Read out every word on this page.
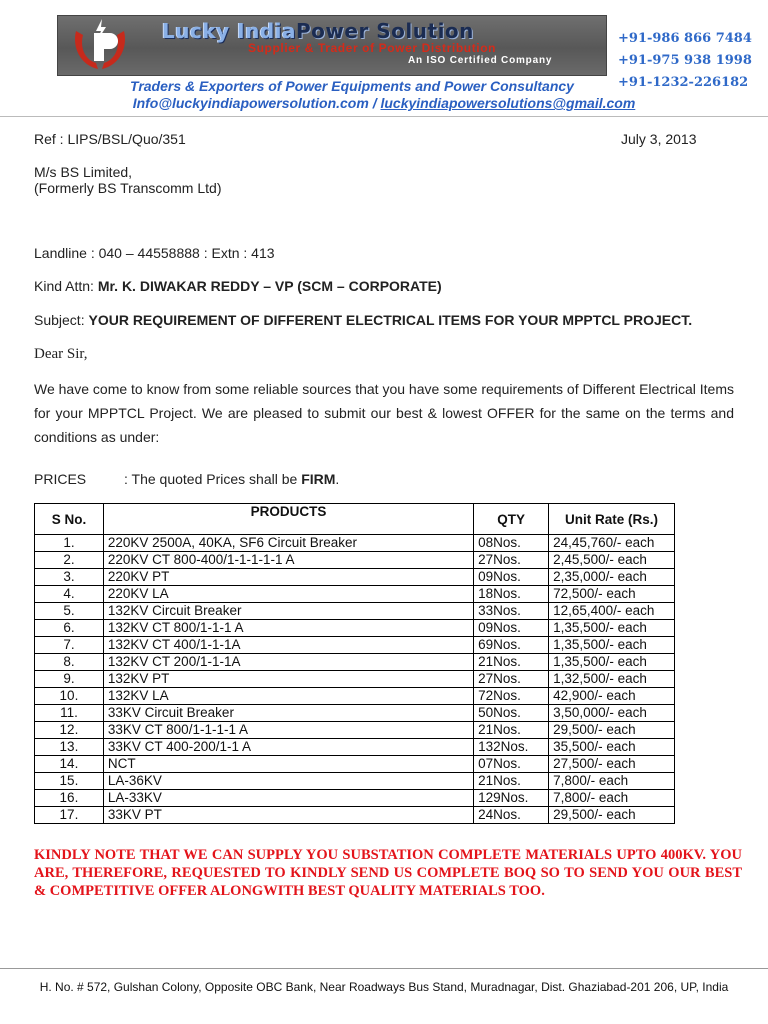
Lucky IndiaPower Solution
Supplier & Trader of Power Distribution
An ISO Certified Company
+91-986 866 7484
+91-975 938 1998
+91-1232-226182
Traders & Exporters of Power Equipments and Power Consultancy
Info@luckyindiapowersolution.com / luckyindiapowersolutions@gmail.com
Ref : LIPS/BSL/Quo/351	July 3, 2013
M/s BS Limited,
(Formerly BS Transcomm Ltd)
Landline : 040 – 44558888 : Extn : 413
Kind Attn: Mr. K. DIWAKAR REDDY – VP (SCM – CORPORATE)
Subject: YOUR REQUIREMENT OF DIFFERENT ELECTRICAL ITEMS FOR YOUR MPPTCL PROJECT.
Dear Sir,
We have come to know from some reliable sources that you have some requirements of Different Electrical Items for your MPPTCL Project. We are pleased to submit our best & lowest OFFER for the same on the terms and conditions as under:
PRICES	: The quoted Prices shall be FIRM.
S No.	PRODUCTS	QTY	Unit Rate (Rs.)
1.	220KV 2500A, 40KA, SF6 Circuit Breaker	08Nos.	24,45,760/- each
2.	220KV CT 800-400/1-1-1-1-1 A	27Nos.	2,45,500/- each
3.	220KV PT	09Nos.	2,35,000/- each
4.	220KV LA	18Nos.	72,500/- each
5.	132KV Circuit Breaker	33Nos.	12,65,400/- each
6.	132KV CT 800/1-1-1 A	09Nos.	1,35,500/- each
7.	132KV CT 400/1-1-1A	69Nos.	1,35,500/- each
8.	132KV CT 200/1-1-1A	21Nos.	1,35,500/- each
9.	132KV PT	27Nos.	1,32,500/- each
10.	132KV LA	72Nos.	42,900/- each
11.	33KV Circuit Breaker	50Nos.	3,50,000/- each
12.	33KV CT 800/1-1-1-1 A	21Nos.	29,500/- each
13.	33KV CT 400-200/1-1 A	132Nos.	35,500/- each
14.	NCT	07Nos.	27,500/- each
15.	LA-36KV	21Nos.	7,800/- each
16.	LA-33KV	129Nos.	7,800/- each
17.	33KV PT	24Nos.	29,500/- each
KINDLY NOTE THAT WE CAN SUPPLY YOU SUBSTATION COMPLETE MATERIALS UPTO 400KV. YOU ARE, THEREFORE, REQUESTED TO KINDLY SEND US COMPLETE BOQ SO TO SEND YOU OUR BEST & COMPETITIVE OFFER ALONGWITH BEST QUALITY MATERIALS TOO.
H. No. # 572, Gulshan Colony, Opposite OBC Bank, Near Roadways Bus Stand, Muradnagar, Dist. Ghaziabad-201 206, UP, India
